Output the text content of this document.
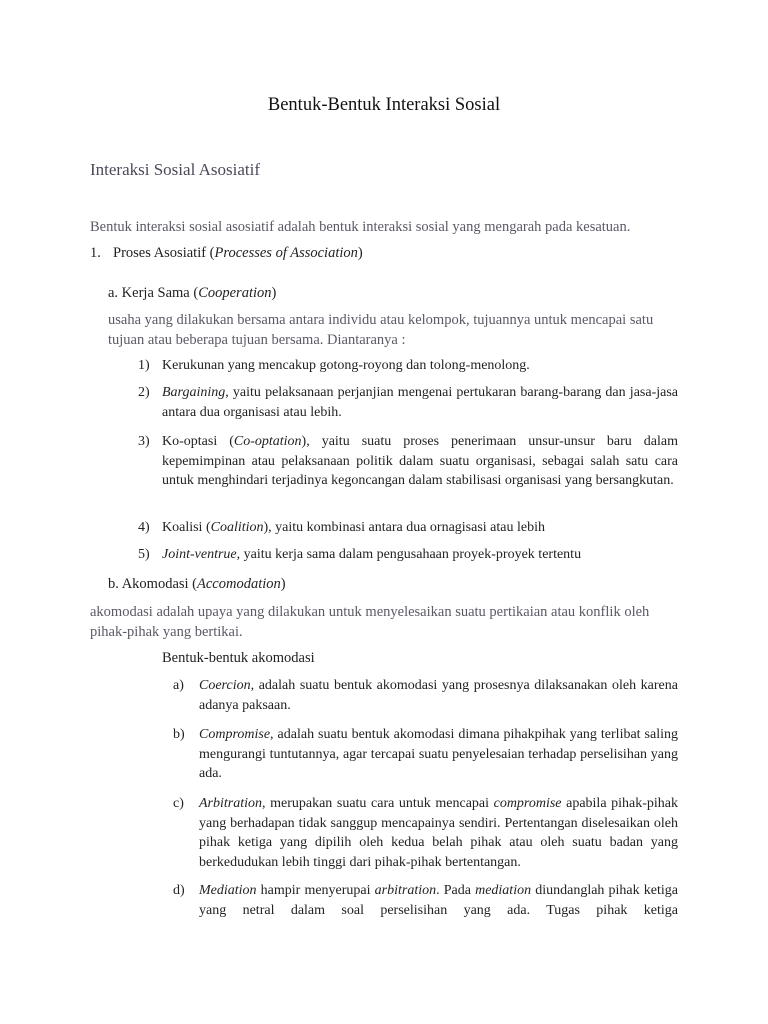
Bentuk-Bentuk Interaksi Sosial
Interaksi Sosial Asosiatif
Bentuk interaksi sosial asosiatif adalah bentuk interaksi sosial yang mengarah pada kesatuan.
1. Proses Asosiatif (Processes of Association)
a. Kerja Sama (Cooperation)
usaha yang dilakukan bersama antara individu atau kelompok, tujuannya untuk mencapai satu tujuan atau beberapa tujuan bersama. Diantaranya :
1) Kerukunan yang mencakup gotong-royong dan tolong-menolong.
2) Bargaining, yaitu pelaksanaan perjanjian mengenai pertukaran barang-barang dan jasa-jasa antara dua organisasi atau lebih.
3) Ko-optasi (Co-optation), yaitu suatu proses penerimaan unsur-unsur baru dalam kepemimpinan atau pelaksanaan politik dalam suatu organisasi, sebagai salah satu cara untuk menghindari terjadinya kegoncangan dalam stabilisasi organisasi yang bersangkutan.
4) Koalisi (Coalition), yaitu kombinasi antara dua ornagisasi atau lebih
5) Joint-ventrue, yaitu kerja sama dalam pengusahaan proyek-proyek tertentu
b. Akomodasi (Accomodation)
akomodasi adalah upaya yang dilakukan untuk menyelesaikan suatu pertikaian atau konflik oleh pihak-pihak yang bertikai.
Bentuk-bentuk akomodasi
a)	Coercion, adalah suatu bentuk akomodasi yang prosesnya dilaksanakan oleh karena adanya paksaan.
b)	Compromise, adalah suatu bentuk akomodasi dimana pihakpihak yang terlibat saling mengurangi tuntutannya, agar tercapai suatu penyelesaian terhadap perselisihan yang ada.
c)	Arbitration, merupakan suatu cara untuk mencapai compromise apabila pihak-pihak yang berhadapan tidak sanggup mencapainya sendiri. Pertentangan diselesaikan oleh pihak ketiga yang dipilih oleh kedua belah pihak atau oleh suatu badan yang berkedudukan lebih tinggi dari pihak-pihak bertentangan.
d)	Mediation hampir menyerupai arbitration. Pada mediation diundanglah pihak ketiga yang netral dalam soal perselisihan yang ada. Tugas pihak ketiga
